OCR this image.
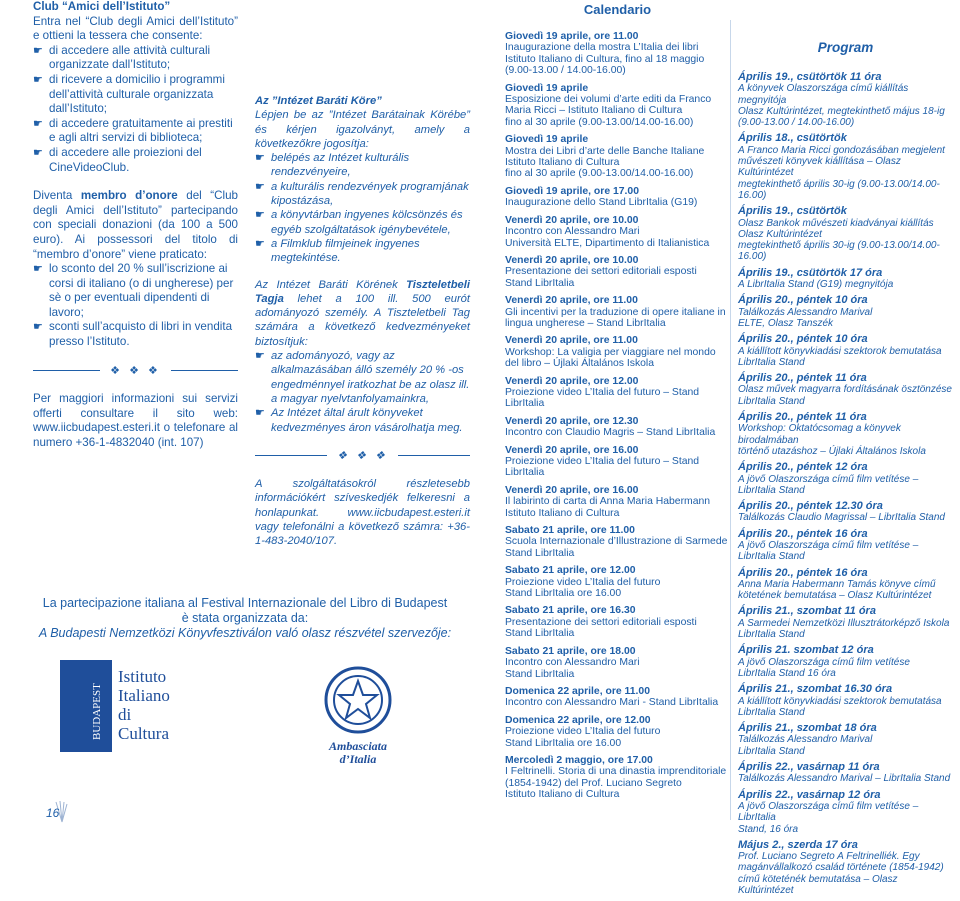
Club “Amici dell’Istituto”

Entra nel “Club degli Amici dell’Istituto” e ottieni la tessera che consente:

☛ di accedere alle attività culturali organizzate dall’Istituto;

☛ di ricevere a domicilio i programmi dell’attività culturale organizzata dall’Istituto;

☛ di accedere gratuitamente ai prestiti e agli altri servizi di biblioteca;

☛ di accedere alle proiezioni del CineVideoClub.

Diventa membro d’onore del “Club degli Amici dell’Istituto” partecipando con speciali donazioni (da 100 a 500 euro). Ai possessori del titolo di “membro d’onore” viene praticato:

☛ lo sconto del 20 % sull’iscrizione ai corsi di italiano (o di ungherese) per sè o per eventuali dipendenti di lavoro;

☛ sconti sull’acquisto di libri in vendita presso l’Istituto.

❖ ❖ ❖

Per maggiori informazioni sui servizi offerti consultare il sito web: www.iicbudapest.esteri.it o telefonare al numero +36-1-4832040 (int. 107)

Az ”Intézet Baráti Köre”

Lépjen be az ”Intézet Barátainak Körébe” és kérjen igazolványt, amely a következőkre jogosítja:

☛ belépés az Intézet kulturális rendezvényeire,

☛ a kulturális rendezvények programjának kipostázása,

☛ a könyvtárban ingyenes kölcsönzés és egyéb szolgáltatások igénybevétele,

☛ a Filmklub filmjeinek ingyenes megtekintése.

Az Intézet Baráti Körének Tiszteletbeli Tagja lehet a 100 ill. 500 eurót adományozó személy. A Tiszteletbeli Tag számára a következő kedvezményeket biztosítjuk:

☛ az adományozó, vagy az alkalmazásában álló személy 20 % -os engedménnyel iratkozhat be az olasz ill. a magyar nyelvtanfolyamainkra,

☛ Az Intézet által árult könyveket kedvezményes áron vásárolhatja meg.

❖ ❖ ❖

A szolgáltatásokról részletesebb információkért szíveskedjék felkeresni a honlapunkat. www.iicbudapest.esteri.it vagy telefonálni a következő számra: +36-1-483-2040/107.

La partecipazione italiana al Festival Internazionale del Libro di Budapest

è stata organizzata da:

A Budapesti Nemzetközi Könyvfesztiválon való olasz részvétel szervezője:

BUDAPEST
Istituto
Italiano
di
Cultura
Ambasciata
d’Italia
16
Calendario

Giovedì 19 aprile, ore 11.00

Inaugurazione della mostra L’Italia dei libri
Istituto Italiano di Cultura, fino al 18 maggio
(9.00-13.00 / 14.00-16.00)

Giovedì 19 aprile

Esposizione dei volumi d’arte editi da Franco Maria Ricci – Istituto Italiano di Cultura
fino al 30 aprile (9.00-13.00/14.00-16.00)

Giovedì 19 aprile

Mostra dei Libri d’arte delle Banche Italiane
Istituto Italiano di Cultura
fino al 30 aprile (9.00-13.00/14.00-16.00)

Giovedì 19 aprile, ore 17.00

Inaugurazione dello Stand LibrItalia (G19)

Venerdì 20 aprile, ore 10.00

Incontro con Alessandro Mari
Università ELTE, Dipartimento di Italianistica

Venerdì 20 aprile, ore 10.00

Presentazione dei settori editoriali esposti
Stand LibrItalia

Venerdì 20 aprile, ore 11.00

Gli incentivi per la traduzione di opere italiane in lingua ungherese – Stand LibrItalia

Venerdì 20 aprile, ore 11.00

Workshop: La valigia per viaggiare nel mondo del libro – Újlaki Általános Iskola

Venerdì 20 aprile, ore 12.00

Proiezione video L’Italia del futuro – Stand LibrItalia

Venerdì 20 aprile, ore 12.30

Incontro con Claudio Magris – Stand LibrItalia

Venerdì 20 aprile, ore 16.00

Proiezione video L’Italia del futuro – Stand LibrItalia

Venerdì 20 aprile, ore 16.00

Il labirinto di carta di Anna Maria Habermann
Istituto Italiano di Cultura

Sabato 21 aprile, ore 11.00

Scuola Internazionale d’Illustrazione di Sarmede
Stand LibrItalia

Sabato 21 aprile, ore 12.00

Proiezione video L’Italia del futuro
Stand LibrItalia ore 16.00

Sabato 21 aprile, ore 16.30

Presentazione dei settori editoriali esposti
Stand LibrItalia

Sabato 21 aprile, ore 18.00

Incontro con Alessandro Mari
Stand LibrItalia

Domenica 22 aprile, ore 11.00

Incontro con Alessandro Mari - Stand LibrItalia

Domenica 22 aprile, ore 12.00

Proiezione video L’Italia del futuro
Stand LibrItalia ore 16.00

Mercoledì 2 maggio, ore 17.00

I Feltrinelli. Storia di una dinastia imprenditoriale
(1854-1942) del Prof. Luciano Segreto
Istituto Italiano di Cultura

Program

Április 19., csütörtök 11 óra

A könyvek Olaszországa című kiállítás megnyitója
Olasz Kultúrintézet, megtekinthető május 18-ig
(9.00-13.00 / 14.00-16.00)

Április 18., csütörtök

A Franco Maria Ricci gondozásában megjelent művészeti könyvek kiállítása – Olasz Kultúrintézet
megtekinthető április 30-ig (9.00-13.00/14.00-16.00)

Április 19., csütörtök

Olasz Bankok művészeti kiadványai kiállítás
Olasz Kultúrintézet
megtekinthető április 30-ig (9.00-13.00/14.00-16.00)

Április 19., csütörtök 17 óra

A LibrItalia Stand (G19) megnyitója

Április 20., péntek 10 óra

Találkozás Alessandro Marival
ELTE, Olasz Tanszék

Április 20., péntek 10 óra

A kiállított könyvkiadási szektorok bemutatása
LibrItalia Stand

Április 20., péntek 11 óra

Olasz művek magyarra fordításának ösztönzése
LibrItalia Stand

Április 20., péntek 11 óra

Workshop: Oktatócsomag a könyvek birodalmában
történő utazáshoz – Újlaki Általános Iskola

Április 20., péntek 12 óra

A jövő Olaszországa című film vetítése – LibrItalia Stand

Április 20., péntek 12.30 óra

Találkozás Claudio Magrissal – LibrItalia Stand

Április 20., péntek 16 óra

A jövő Olaszországa című film vetítése – LibrItalia Stand

Április 20., péntek 16 óra

Anna Maria Habermann Tamás könyve című kötetének bemutatása – Olasz Kultúrintézet

Április 21., szombat 11 óra

A Sarmedei Nemzetközi Illusztrátorképző Iskola
LibrItalia Stand

Április 21. szombat 12 óra

A jövő Olaszországa című film vetítése
LibrItalia Stand 16 óra

Április 21., szombat 16.30 óra

A kiállított könyvkiadási szektorok bemutatása
LibrItalia Stand

Április 21., szombat 18 óra

Találkozás Alessandro Marival
LibrItalia Stand

Április 22., vasárnap 11 óra

Találkozás Alessandro Marival – LibrItalia Stand

Április 22., vasárnap 12 óra

A jövő Olaszországa című film vetítése – LibrItalia
Stand, 16 óra

Május 2., szerda 17 óra

Prof. Luciano Segreto A Feltrinelliék. Egy magánvállalkozó család története (1854-1942) című köteténék bemutatása – Olasz Kultúrintézet
